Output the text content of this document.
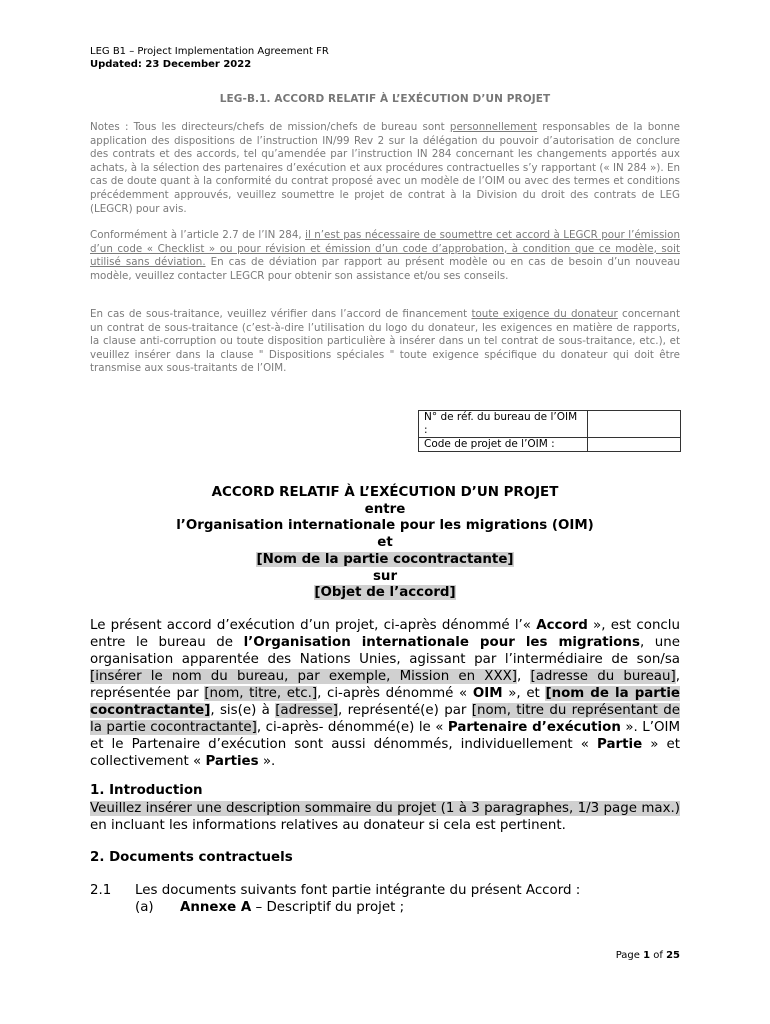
LEG B1 – Project Implementation Agreement FR
Updated: 23 December 2022
LEG-B.1. ACCORD RELATIF À L’EXÉCUTION D’UN PROJET
Notes : Tous les directeurs/chefs de mission/chefs de bureau sont personnellement responsables de la bonne application des dispositions de l’instruction IN/99 Rev 2 sur la délégation du pouvoir d’autorisation de conclure des contrats et des accords, tel qu’amendée par l’instruction IN 284 concernant les changements apportés aux achats, à la sélection des partenaires d’exécution et aux procédures contractuelles s’y rapportant (« IN 284 »). En cas de doute quant à la conformité du contrat proposé avec un modèle de l’OIM ou avec des termes et conditions précédemment approuvés, veuillez soumettre le projet de contrat à la Division du droit des contrats de LEG (LEGCR) pour avis.
Conformément à l’article 2.7 de l’IN 284, il n’est pas nécessaire de soumettre cet accord à LEGCR pour l’émission d’un code « Checklist » ou pour révision et émission d’un code d’approbation, à condition que ce modèle, soit utilisé sans déviation. En cas de déviation par rapport au présent modèle ou en cas de besoin d’un nouveau modèle, veuillez contacter LEGCR pour obtenir son assistance et/ou ses conseils.
En cas de sous-traitance, veuillez vérifier dans l’accord de financement toute exigence du donateur concernant un contrat de sous-traitance (c’est-à-dire l’utilisation du logo du donateur, les exigences en matière de rapports, la clause anti-corruption ou toute disposition particulière à insérer dans un tel contrat de sous-traitance, etc.), et veuillez insérer dans la clause " Dispositions spéciales " toute exigence spécifique du donateur qui doit être transmise aux sous-traitants de l’OIM.
N° de réf. du bureau de l’OIM :	
Code de projet de l’OIM :	
ACCORD RELATIF À L’EXÉCUTION D’UN PROJET
entre
l’Organisation internationale pour les migrations (OIM)
et
[Nom de la partie cocontractante]
sur
[Objet de l’accord]
Le présent accord d’exécution d’un projet, ci-après dénommé l’« Accord », est conclu entre le bureau de l’Organisation internationale pour les migrations, une organisation apparentée des Nations Unies, agissant par l’intermédiaire de son/sa [insérer le nom du bureau, par exemple, Mission en XXX], [adresse du bureau], représentée par [nom, titre, etc.], ci-après dénommé « OIM », et [nom de la partie cocontractante], sis(e) à [adresse], représenté(e) par [nom, titre du représentant de la partie cocontractante], ci-après- dénommé(e) le « Partenaire d’exécution ». L’OIM et le Partenaire d’exécution sont aussi dénommés, individuellement « Partie » et collectivement « Parties ».
1. Introduction
Veuillez insérer une description sommaire du projet (1 à 3 paragraphes, 1/3 page max.) en incluant les informations relatives au donateur si cela est pertinent.
2. Documents contractuels
2.1 Les documents suivants font partie intégrante du présent Accord :
(a) Annexe A – Descriptif du projet ;
Page 1 of 25
